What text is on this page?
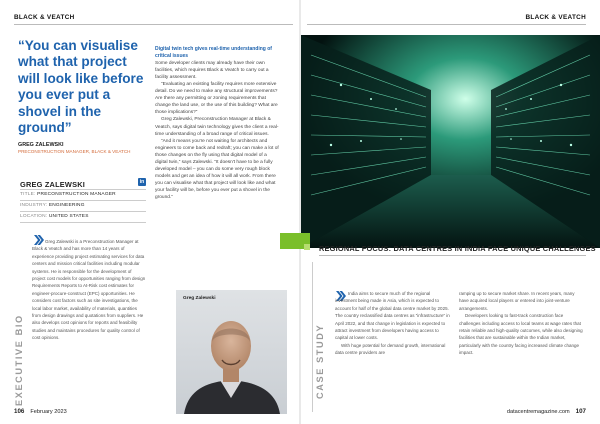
BLACK & VEATCH	BLACK & VEATCH
“You can visualise what that project will look like before you ever put a shovel in the ground”
GREG ZALEWSKI
PRECONSTRUCTION MANAGER, BLACK & VEATCH
GREG ZALEWSKI	in
TITLE: PRECONSTRUCTION MANAGER
INDUSTRY: ENGINEERING
LOCATION: UNITED STATES
EXECUTIVE BIO
Greg Zalewski is a Preconstruction Manager at Black & Veatch and has more than 14 years of experience providing project estimating services for data centers and mission critical facilities including modular systems. He is responsible for the development of project cost models for opportunities ranging from design Requirements Reports to At-Risk cost estimates for engineer-procure-construct (EPC) opportunities. He considers cost factors such as site investigations, the local labor market, availability of materials, quantities from design drawings and quotations from suppliers. He also develops cost opinions for reports and feasibility studies and maintains procedures for quality control of cost opinions.
Digital twin tech gives real-time understanding of critical issues

Some developer clients may already have their own facilities, which requires Black & Veatch to carry out a facility assessment.

“Evaluating an existing facility requires more extensive detail. Do we need to make any structural improvements? Are there any permitting or zoning requirements that change the land use, or the use of this building? What are those implications?”

Greg Zalewski, Preconstruction Manager at Black & Veatch, says digital twin technology gives the client a real-time understanding of a broad range of critical issues.

“And it means you're not waiting for architects and engineers to come back and redraft; you can make a lot of those changes on the fly using that digital model of a digital twin,” says Zalewski. “It doesn't have to be a fully developed model – you can do some very rough block models and get an idea of how it will all work. From there you can visualise what that project will look like and what your facility will be, before you ever put a shovel in the ground.”

Greg Zalewski
REGIONAL FOCUS: DATA CENTRES IN INDIA FACE UNIQUE CHALLENGES
CASE STUDY

India aims to secure much of the regional investment being made in Asia, which is expected to account for half of the global data centre market by 2025. The country reclassified data centres as “infrastructure” in April 2022, and that change in legislation is expected to attract investment from developers having access to capital at lower costs.

With huge potential for demand growth, international data centre providers are

ramping up to secure market share. In recent years, many have acquired local players or entered into joint-venture arrangements.

Developers looking to fast-track construction face challenges including access to local teams at wage rates that retain reliable and high-quality outcomes, while also designing facilities that are sustainable within the Indian market, particularly with the country facing increased climate change impact.

106 February 2023	datacentremagazine.com 107
